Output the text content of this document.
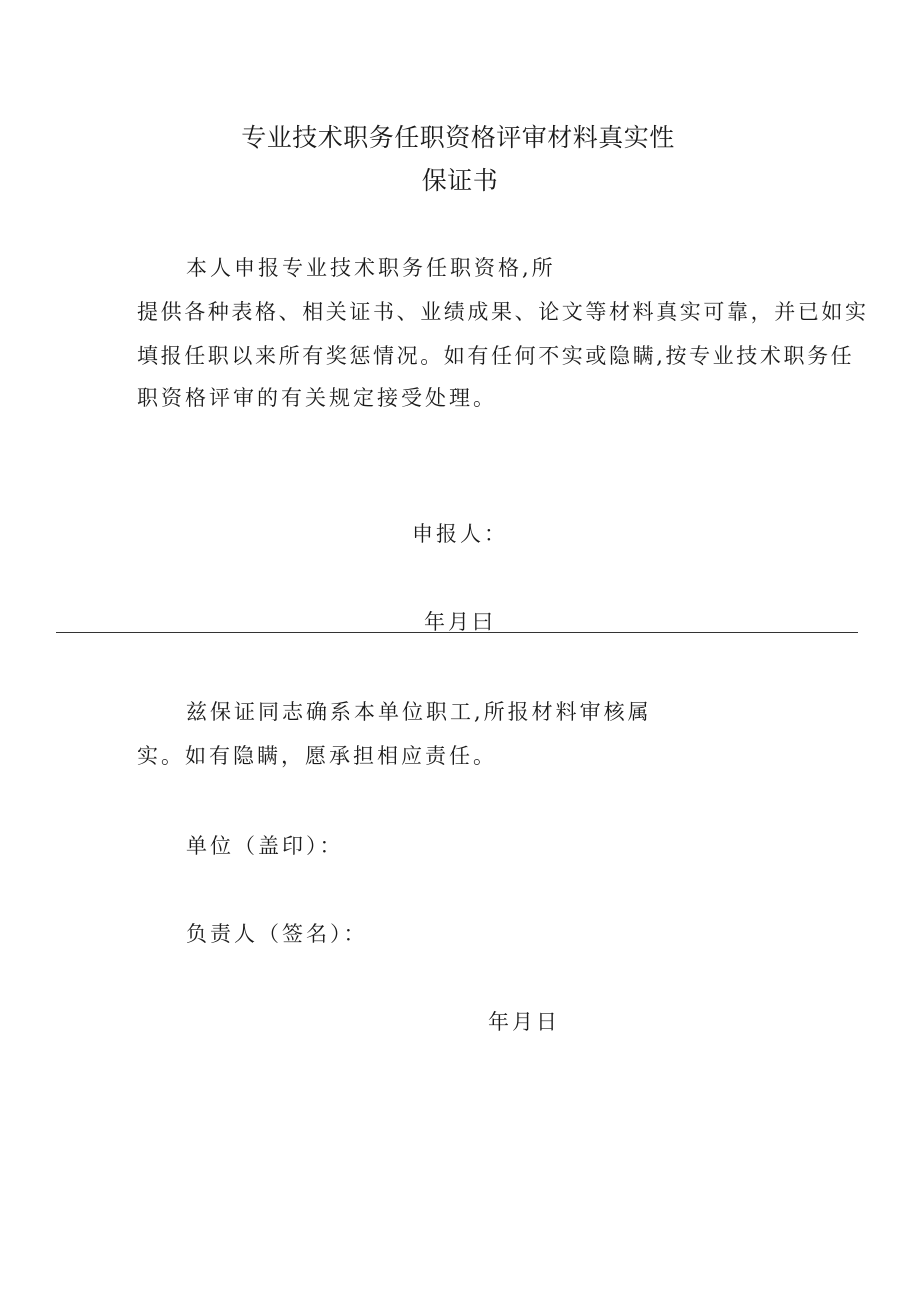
专业技术职务任职资格评审材料真实性
保证书
本人申报专业技术职务任职资格,所
提供各种表格、相关证书、业绩成果、论文等材料真实可靠，并已如实
填报任职以来所有奖惩情况。如有任何不实或隐瞒,按专业技术职务任
职资格评审的有关规定接受处理。
申报人：
年月曰
兹保证同志确系本单位职工,所报材料审核属
实。如有隐瞒，愿承担相应责任。
单位（盖印）：
负责人（签名）：
年月日
